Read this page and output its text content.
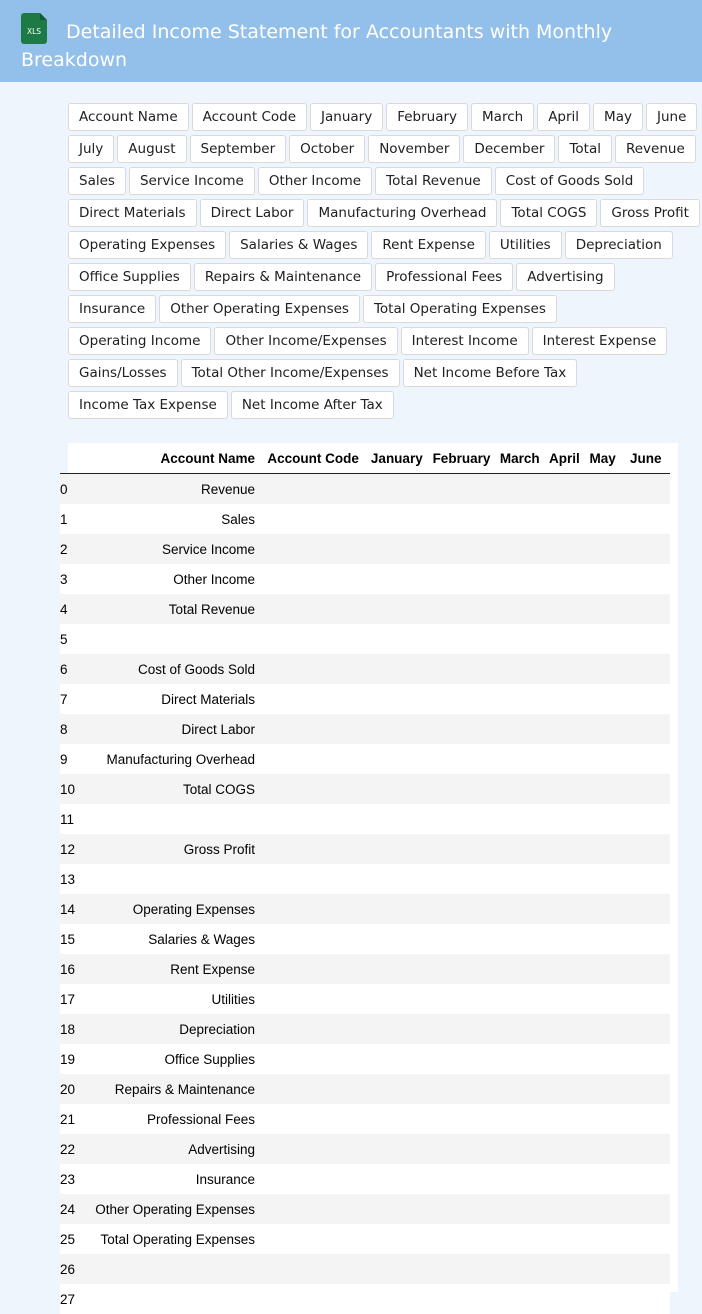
XLS Detailed Income Statement for Accountants with Monthly Breakdown
Account Name	Account Code	January	February	March	April	May	June
July	August	September	October	November	December	Total	Revenue
Sales	Service Income	Other Income	Total Revenue	Cost of Goods Sold
Direct Materials	Direct Labor	Manufacturing Overhead	Total COGS	Gross Profit
Operating Expenses	Salaries & Wages	Rent Expense	Utilities	Depreciation
Office Supplies	Repairs & Maintenance	Professional Fees	Advertising
Insurance	Other Operating Expenses	Total Operating Expenses
Operating Income	Other Income/Expenses	Interest Income	Interest Expense
Gains/Losses	Total Other Income/Expenses	Net Income Before Tax
Income Tax Expense	Net Income After Tax
	Account Name	Account Code	January	February	March	April	May	June
0	Revenue							
1	Sales							
2	Service Income							
3	Other Income							
4	Total Revenue							
5								
6	Cost of Goods Sold							
7	Direct Materials							
8	Direct Labor							
9	Manufacturing Overhead							
10	Total COGS							
11								
12	Gross Profit							
13								
14	Operating Expenses							
15	Salaries & Wages							
16	Rent Expense							
17	Utilities							
18	Depreciation							
19	Office Supplies							
20	Repairs & Maintenance							
21	Professional Fees							
22	Advertising							
23	Insurance							
24	Other Operating Expenses							
25	Total Operating Expenses							
26								
27								
